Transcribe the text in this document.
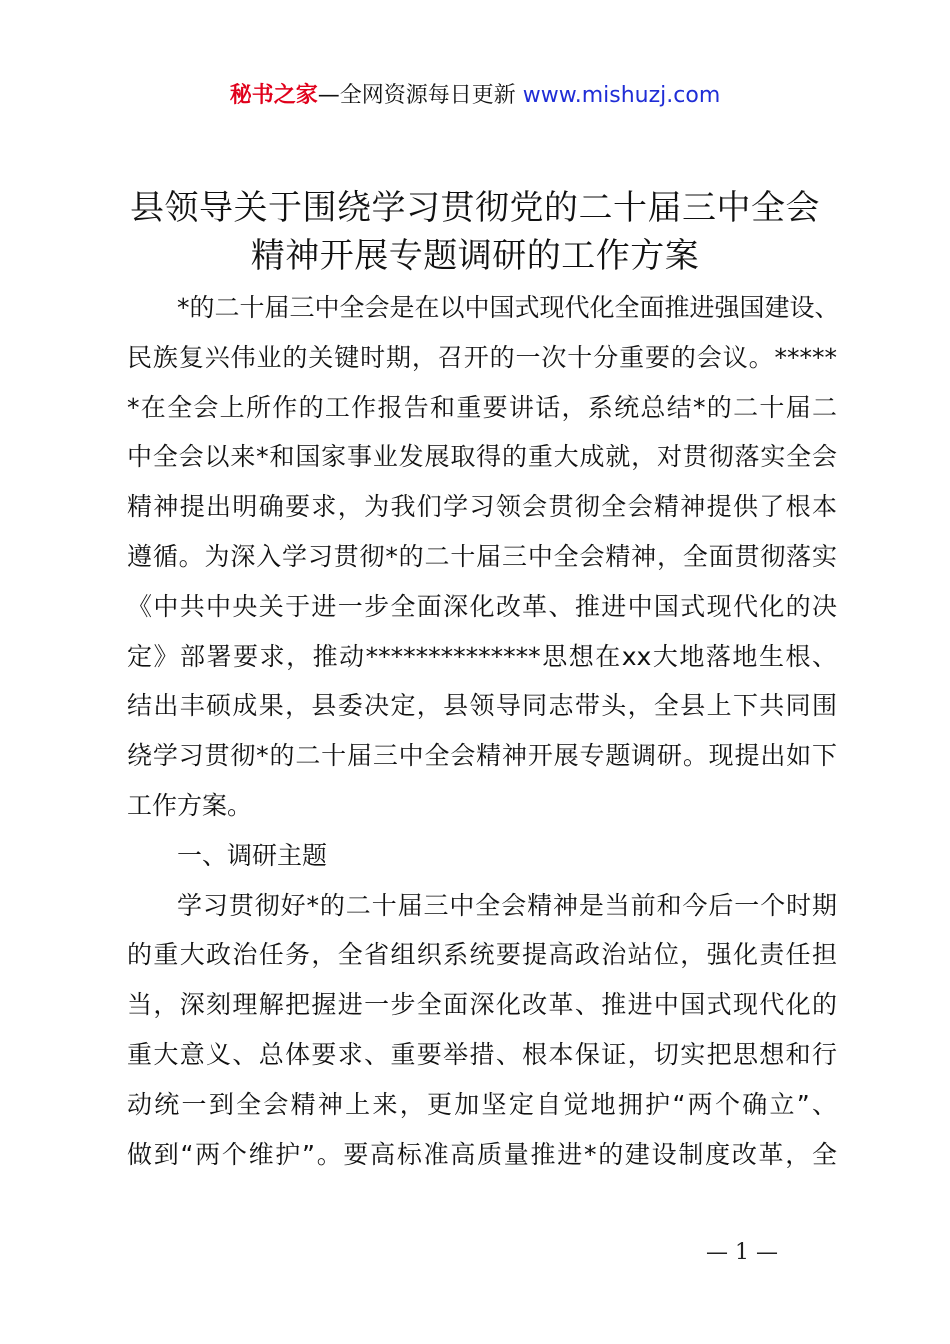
秘书之家—全网资源每日更新 www.mishuzj.com
县领导关于围绕学习贯彻党的二十届三中全会
精神开展专题调研的工作方案
*的二十届三中全会是在以中国式现代化全面推进强国建设、
民族复兴伟业的关键时期，召开的一次十分重要的会议。*****
*在全会上所作的工作报告和重要讲话，系统总结*的二十届二
中全会以来*和国家事业发展取得的重大成就，对贯彻落实全会
精神提出明确要求，为我们学习领会贯彻全会精神提供了根本
遵循。为深入学习贯彻*的二十届三中全会精神，全面贯彻落实
《中共中央关于进一步全面深化改革、推进中国式现代化的决
定》部署要求，推动**************思想在xx大地落地生根、
结出丰硕成果，县委决定，县领导同志带头，全县上下共同围
绕学习贯彻*的二十届三中全会精神开展专题调研。现提出如下
工作方案。
一、调研主题
学习贯彻好*的二十届三中全会精神是当前和今后一个时期
的重大政治任务，全省组织系统要提高政治站位，强化责任担
当，深刻理解把握进一步全面深化改革、推进中国式现代化的
重大意义、总体要求、重要举措、根本保证，切实把思想和行
动统一到全会精神上来，更加坚定自觉地拥护“两个确立”、
做到“两个维护”。要高标准高质量推进*的建设制度改革，全
— 1 —
